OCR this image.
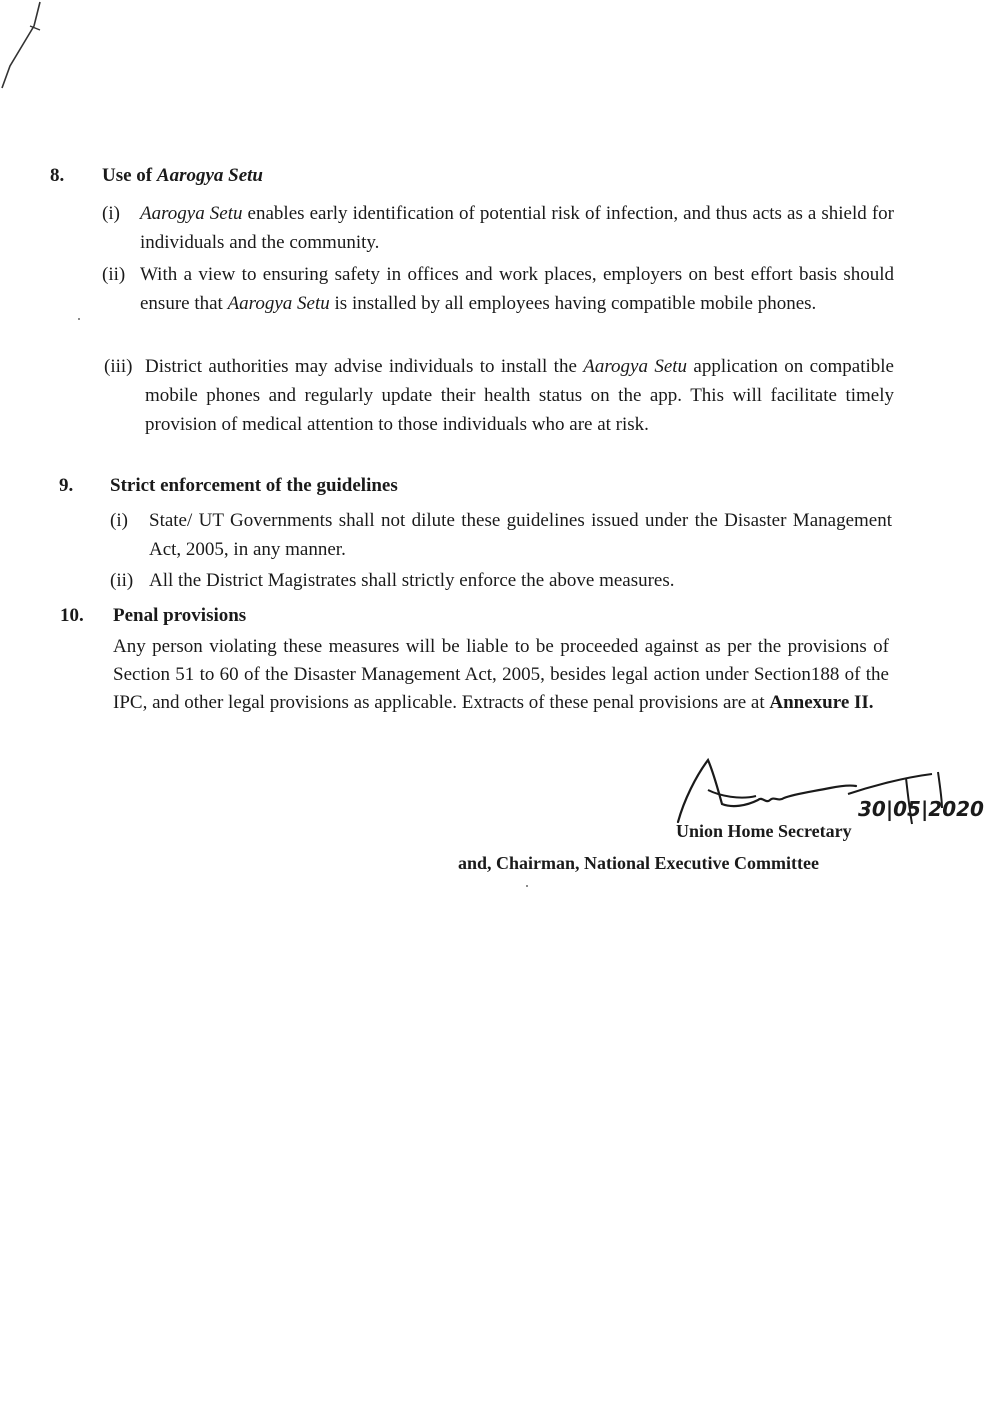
8. Use of Aarogya Setu
(i) Aarogya Setu enables early identification of potential risk of infection, and thus acts as a shield for individuals and the community.
(ii) With a view to ensuring safety in offices and work places, employers on best effort basis should ensure that Aarogya Setu is installed by all employees having compatible mobile phones.
(iii) District authorities may advise individuals to install the Aarogya Setu application on compatible mobile phones and regularly update their health status on the app. This will facilitate timely provision of medical attention to those individuals who are at risk.
9. Strict enforcement of the guidelines
(i) State/ UT Governments shall not dilute these guidelines issued under the Disaster Management Act, 2005, in any manner.
(ii) All the District Magistrates shall strictly enforce the above measures.
10. Penal provisions
Any person violating these measures will be liable to be proceeded against as per the provisions of Section 51 to 60 of the Disaster Management Act, 2005, besides legal action under Section188 of the IPC, and other legal provisions as applicable. Extracts of these penal provisions are at Annexure II.
30|05|2020
Union Home Secretary
and, Chairman, National Executive Committee
